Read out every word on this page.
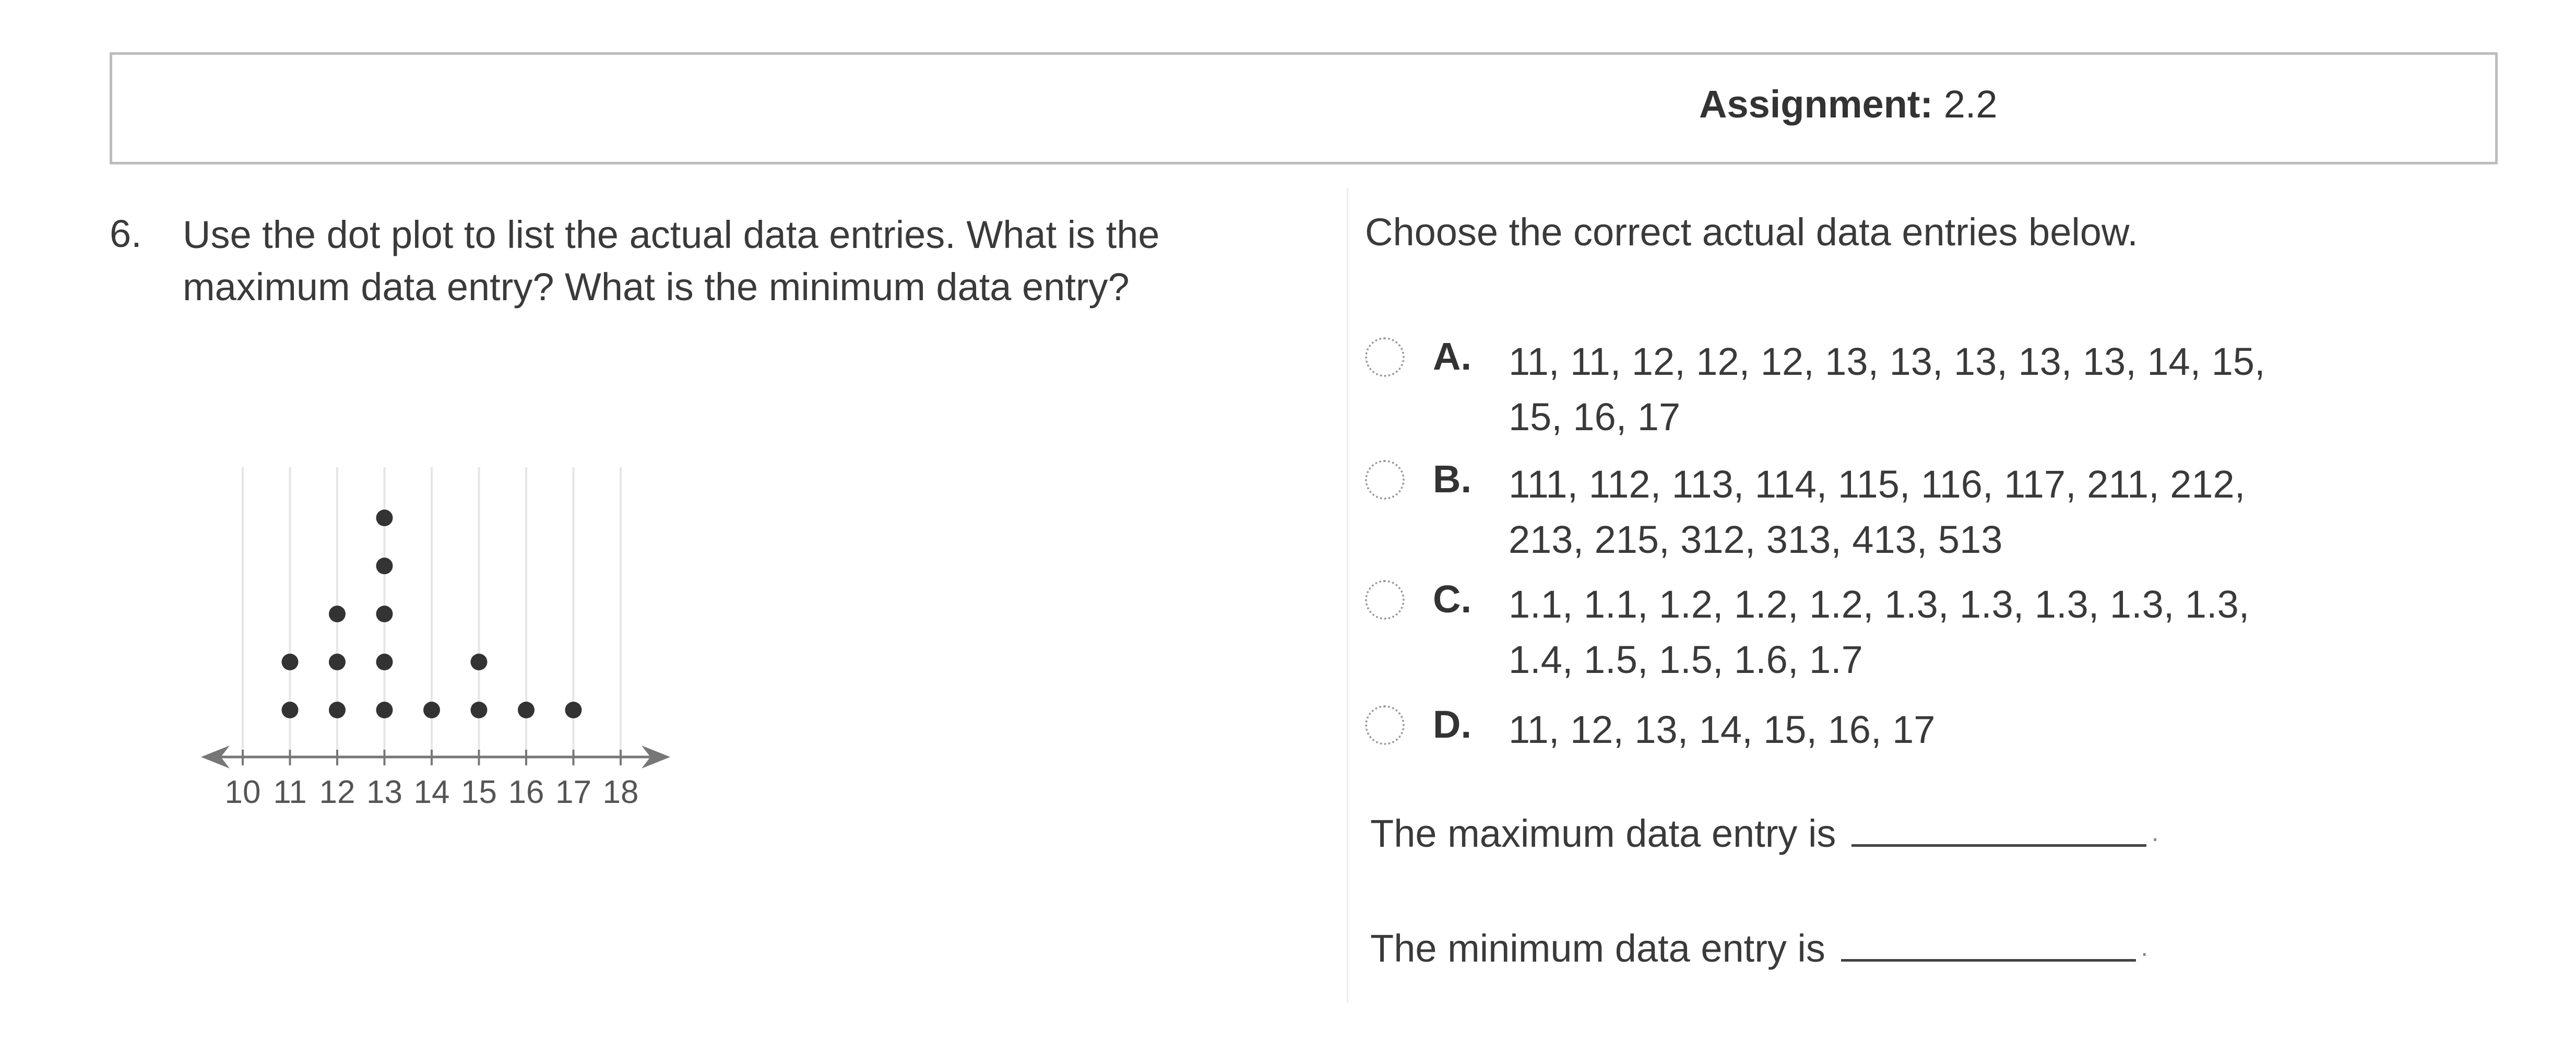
Assignment: 2.2
6. Use the dot plot to list the actual data entries. What is the maximum data entry? What is the minimum data entry?
10 11 12 13 14 15 16 17 18
Choose the correct actual data entries below.
A. 11, 11, 12, 12, 12, 13, 13, 13, 13, 13, 14, 15, 15, 16, 17
B. 111, 112, 113, 114, 115, 116, 117, 211, 212, 213, 215, 312, 313, 413, 513
C. 1.1, 1.1, 1.2, 1.2, 1.2, 1.3, 1.3, 1.3, 1.3, 1.3, 1.4, 1.5, 1.5, 1.6, 1.7
D. 11, 12, 13, 14, 15, 16, 17
The maximum data entry is	·
The minimum data entry is	·
